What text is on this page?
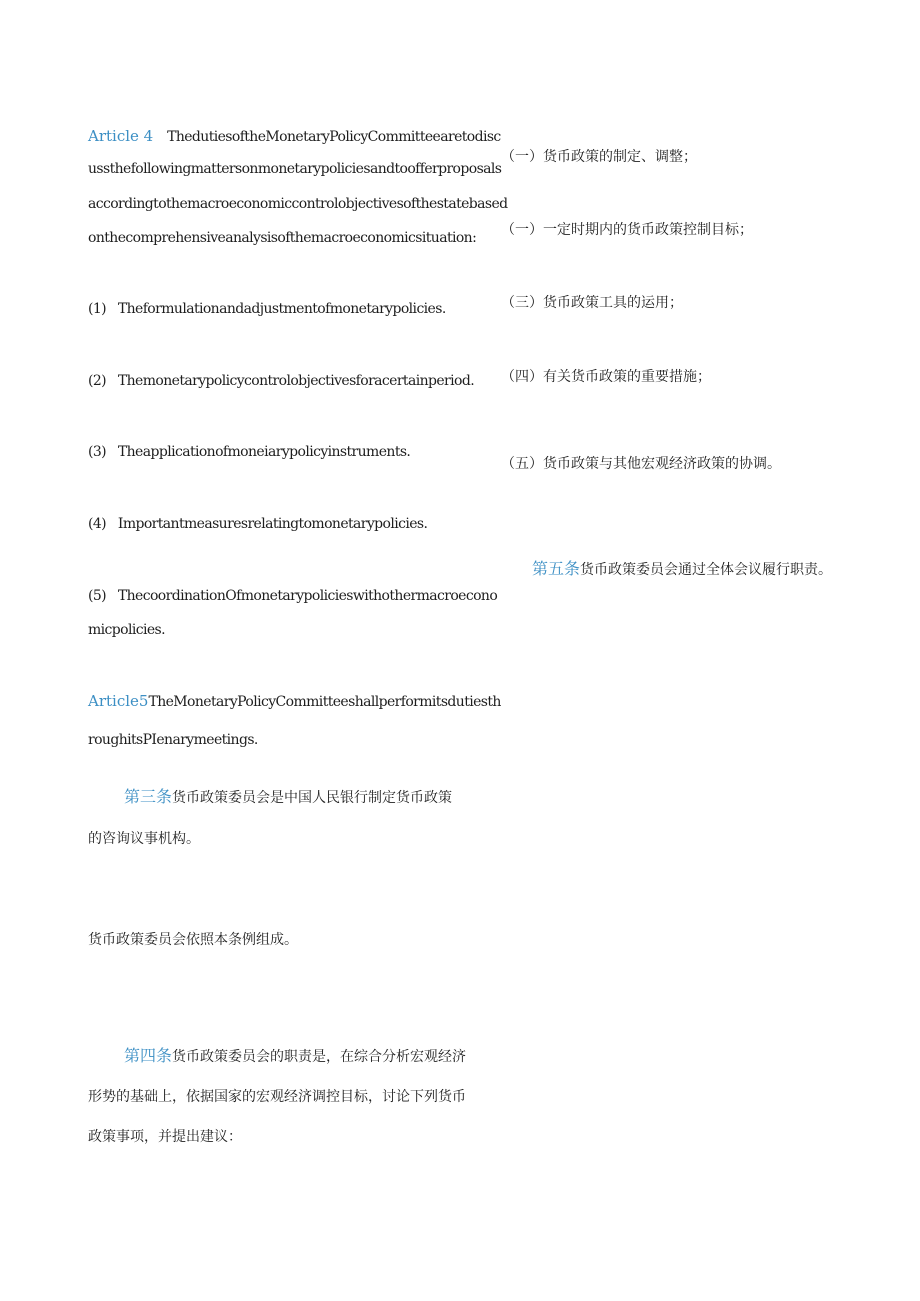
Article 4 ThedutiesoftheMonetaryPolicyCommitteearetodisc
ussthefollowingmattersonmonetarypoliciesandtoofferproposals
accordingtothemacroeconomiccontrolobjectivesofthestatebased
onthecomprehensiveanalysisofthemacroeconomicsituation:
(1) Theformulationandadjustmentofmonetarypolicies.
(2) Themonetarypolicycontrolobjectivesforacertainperiod.
(3) Theapplicationofmoneiarypolicyinstruments.
(4) Importantmeasuresrelatingtomonetarypolicies.
(5) ThecoordinationOfmonetarypolicieswithothermacroecono
micpolicies.
Article5TheMonetaryPolicyCommitteeshallperformitsdutiesth
roughitsPIenarymeetings.
第三条货币政策委员会是中国人民银行制定货币政策
的咨询议事机构。
货币政策委员会依照本条例组成。
第四条货币政策委员会的职责是，在综合分析宏观经济
形势的基础上，依据国家的宏观经济调控目标，讨论下列货币
政策事项，并提出建议：
（一）货币政策的制定、调整；
（一）一定时期内的货币政策控制目标；
（三）货币政策工具的运用；
（四）有关货币政策的重要措施；
（五）货币政策与其他宏观经济政策的协调。
第五条货币政策委员会通过全体会议履行职责。
